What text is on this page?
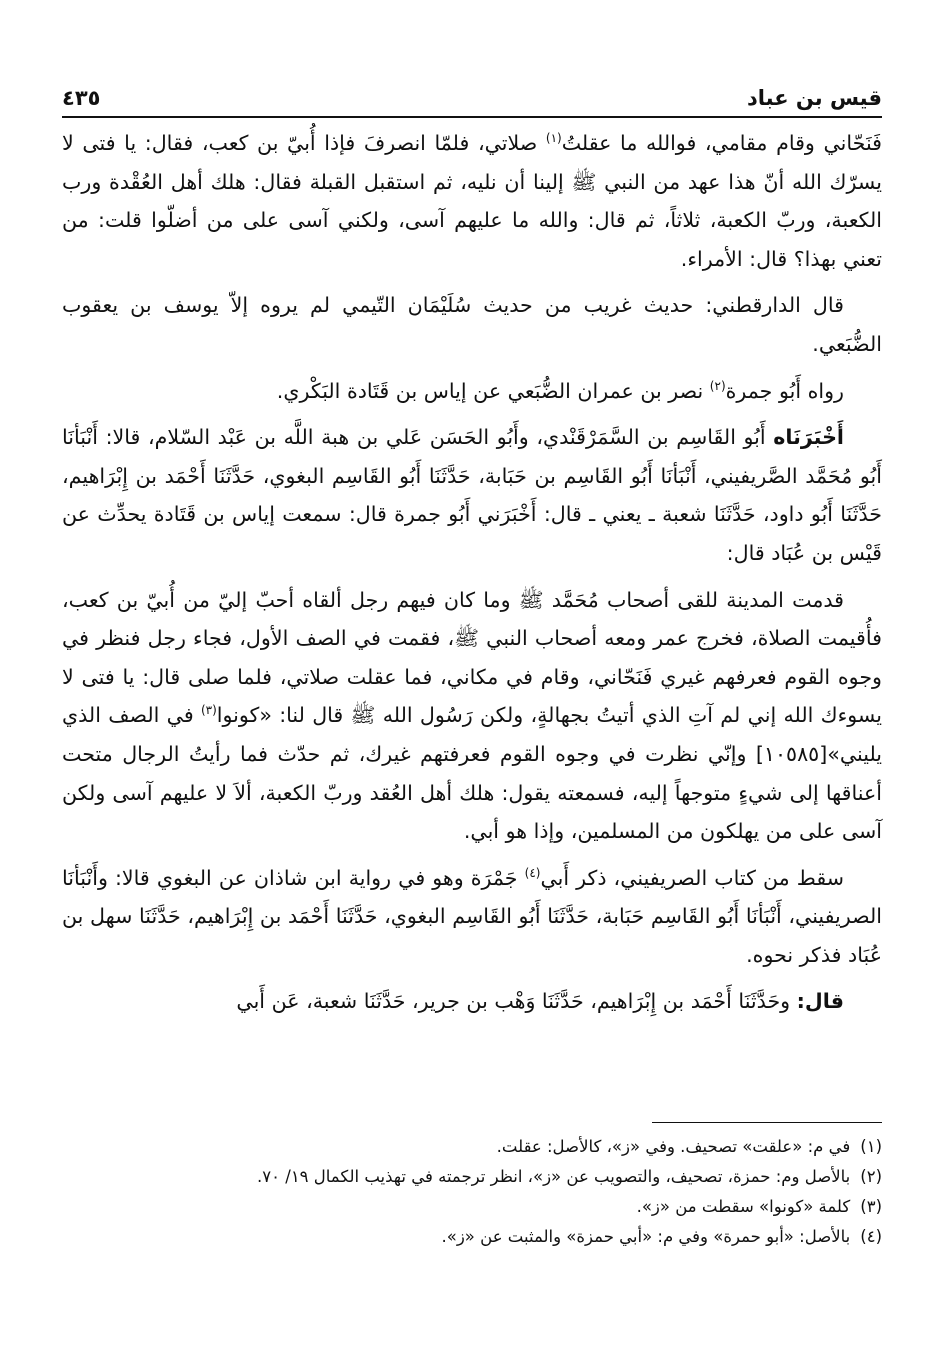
قيس بن عباد
٤٣٥

فَنَحّاني وقام مقامي، فوالله ما عقلتُ$^{(١)}$ صلاتي، فلمّا انصرفَ فإذا أُبيّ بن كعب، فقال: يا فتى لا يسرّك الله أنّ هذا عهد من النبي ﷺ إلينا أن نليه، ثم استقبل القبلة فقال: هلك أهل العُقْدة ورب الكعبة، وربّ الكعبة، ثلاثاً، ثم قال: والله ما عليهم آسى، ولكني آسى على من أضلّوا قلت: من تعني بهذا؟ قال: الأمراء.

قال الدارقطني: حديث غريب من حديث سُلَيْمَان التّيمي لم يروه إلاّ يوسف بن يعقوب الضُّبَعي.

رواه أَبُو جمرة$^{(٢)}$ نصر بن عمران الضُّبَعي عن إياس بن قَتَادة البَكْري.

أَخْبَرَنَاه أَبُو القَاسِم بن السَّمَرْقَنْدي، وأَبُو الحَسَن عَلي بن هبة اللَّه بن عَبْد السّلام، قالا: أَنْبَأنَا أَبُو مُحَمَّد الصَّريفيني، أَنْبَأنَا أَبُو القَاسِم بن حَبَابة، حَدَّثَنَا أَبُو القَاسِم البغوي، حَدَّثَنَا أَحْمَد بن إِبْرَاهيم، حَدَّثَنَا أَبُو داود، حَدَّثَنَا شعبة ـ يعني ـ قال: أَخْبَرَني أَبُو جمرة قال: سمعت إياس بن قَتَادة يحدِّث عن قَيْس بن عُبَاد قال:

قدمت المدينة للقى أصحاب مُحَمَّد ﷺ وما كان فيهم رجل ألقاه أحبّ إليّ من أُبيّ بن كعب، فأُقيمت الصلاة، فخرج عمر ومعه أصحاب النبي ﷺ، فقمت في الصف الأول، فجاء رجل فنظر في وجوه القوم فعرفهم غيري فَنَحّاني، وقام في مكاني، فما عقلت صلاتي، فلما صلى قال: يا فتى لا يسوءك الله إني لم آتِ الذي أتيتُ بجهالةٍ، ولكن رَسُول الله ﷺ قال لنا: «كونوا$^{(٣)}$ في الصف الذي يليني»[١٠٥٨٥] وإنّي نظرت في وجوه القوم فعرفتهم غيرك، ثم حدّث فما رأيتُ الرجال متحت أعناقها إلى شيءٍ متوجهاً إليه، فسمعته يقول: هلك أهل العُقد وربّ الكعبة، ألاَ لا عليهم آسى ولكن آسى على من يهلكون من المسلمين، وإذا هو أبي.

سقط من كتاب الصريفيني، ذكر أَبي$^{(٤)}$ جَمْرَة وهو في رواية ابن شاذان عن البغوي قالا: وأَنْبَأنَا الصريفيني، أَنْبَأنَا أَبُو القَاسِم حَبَابة، حَدَّثَنَا أَبُو القَاسِم البغوي، حَدَّثَنَا أَحْمَد بن إِبْرَاهيم، حَدَّثَنَا سهل بن عُبَاد فذكر نحوه.

قال: وحَدَّثَنَا أَحْمَد بن إِبْرَاهيم، حَدَّثَنَا وَهْب بن جرير، حَدَّثَنَا شعبة، عَن أَبي

(١)
في م: «علقت» تصحيف. وفي «ز»، كالأصل: عقلت.
(٢)
بالأصل وم: حمزة، تصحيف، والتصويب عن «ز»، انظر ترجمته في تهذيب الكمال ١٩/ ٧٠.
(٣)
كلمة «كونوا» سقطت من «ز».
(٤)
بالأصل: «أبو حمرة» وفي م: «أبي حمزة» والمثبت عن «ز».
